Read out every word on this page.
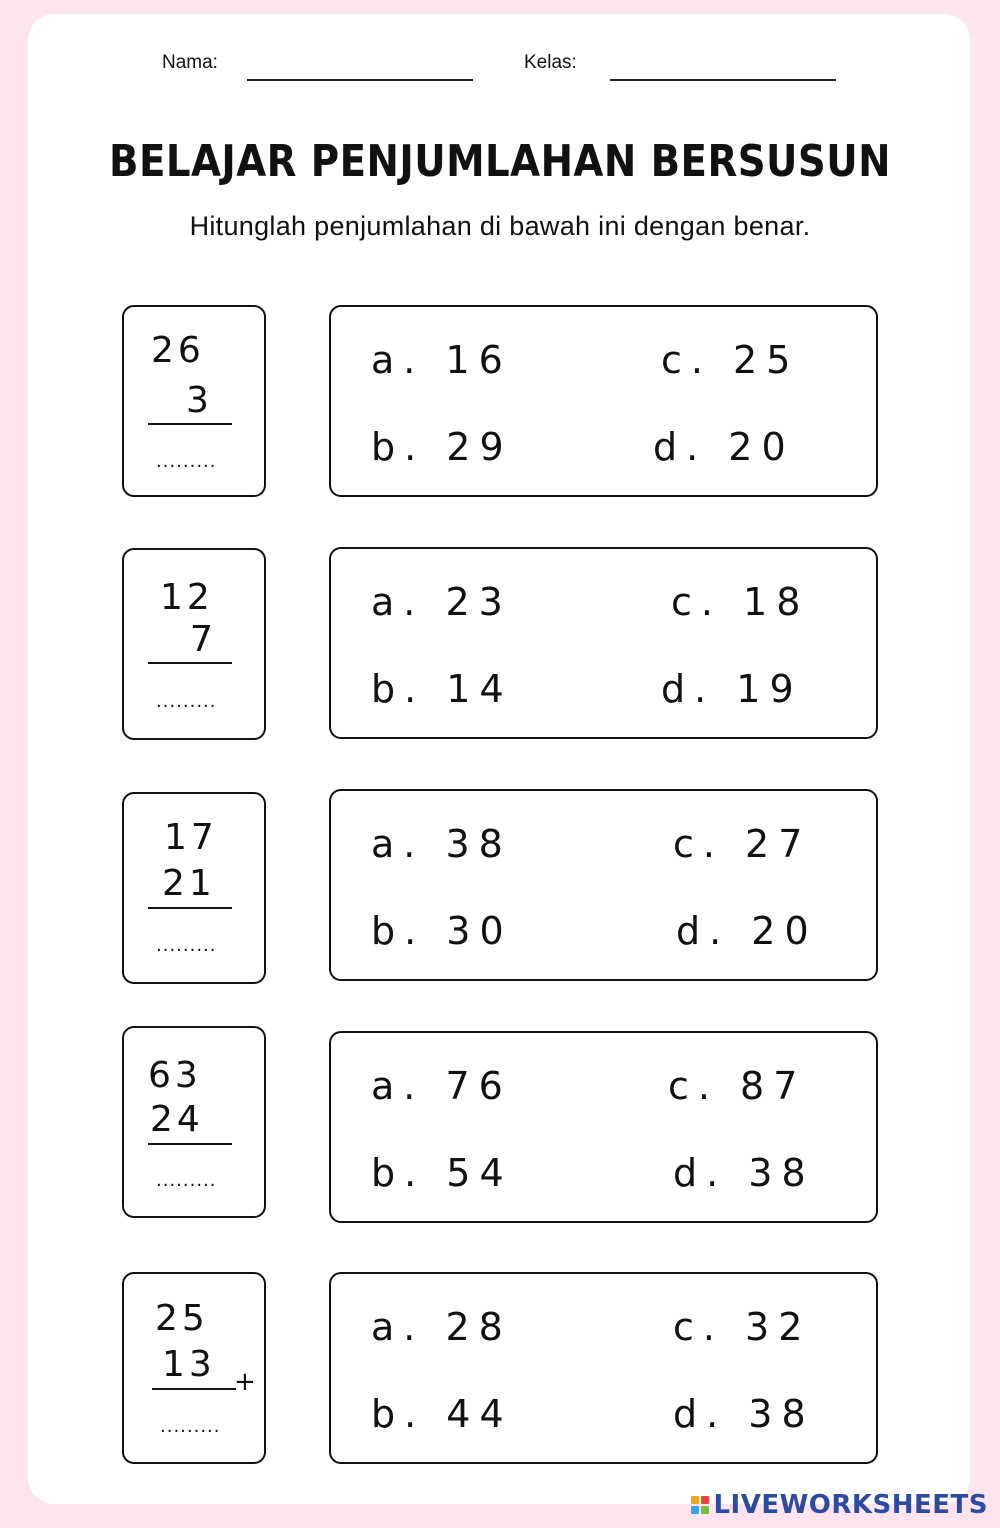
Nama:	Kelas:
BELAJAR PENJUMLAHAN BERSUSUN
Hitunglah penjumlahan di bawah ini dengan benar.
26
3
.........
a. 16	c. 25
b. 29	d. 20
12
7
.........
a. 23	c. 18
b. 14	d. 19
17
21
.........
a. 38	c. 27
b. 30	d. 20
63
24
.........
a. 76	c. 87
b. 54	d. 38
25
13 +
.........
a. 28	c. 32
b. 44	d. 38
LIVEWORKSHEETS
